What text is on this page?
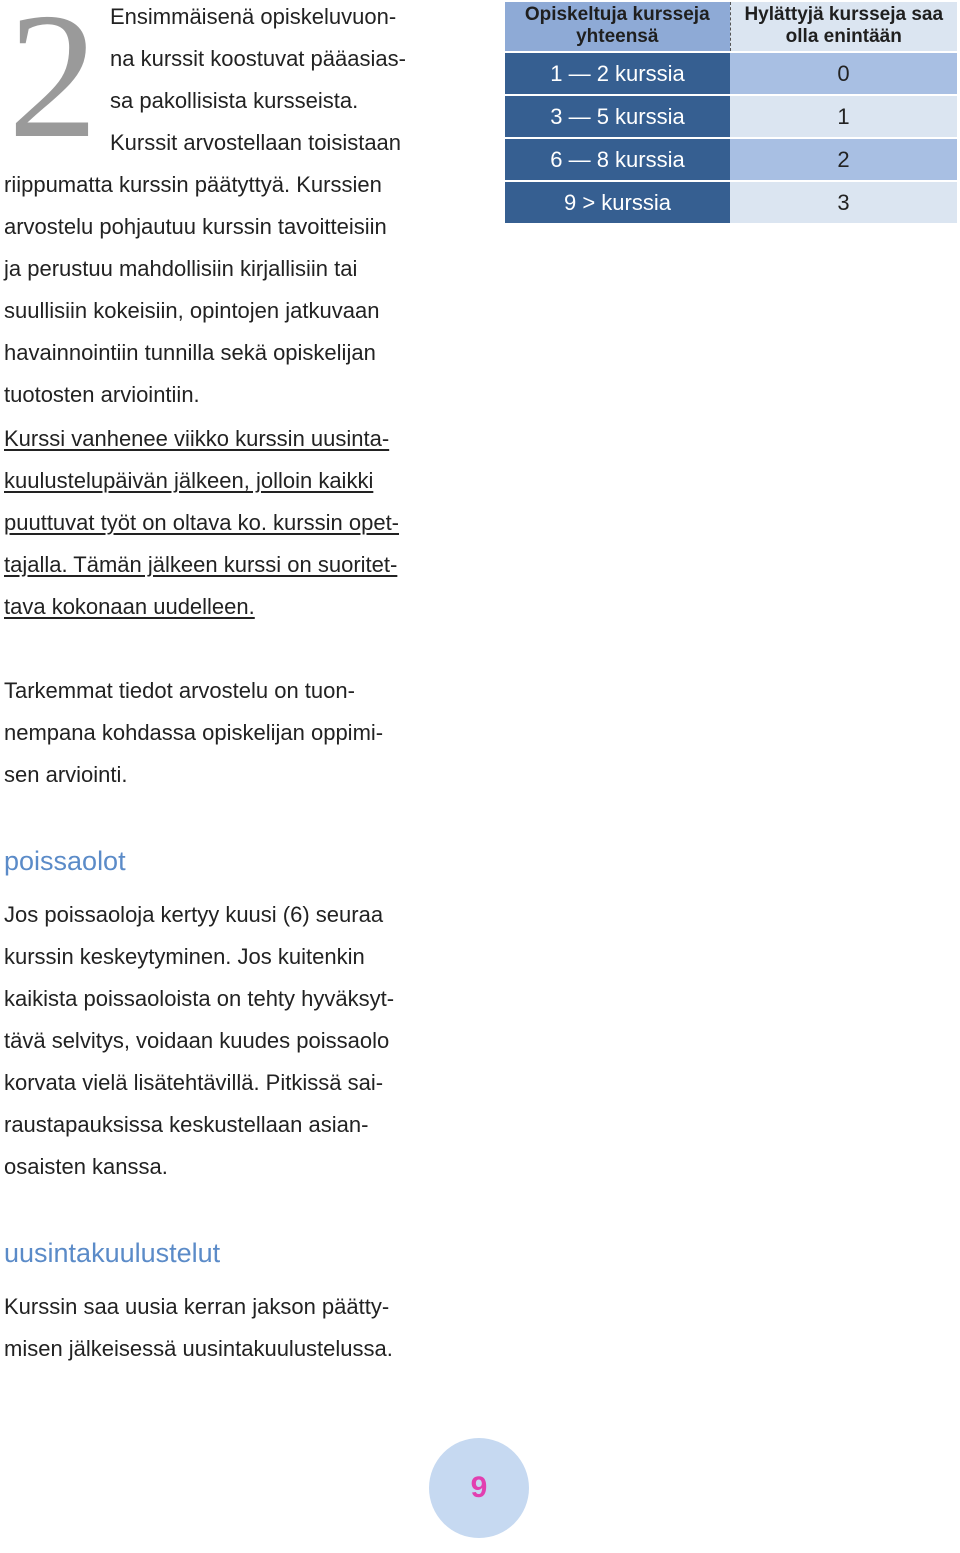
2 Ensimmäisenä opiskeluvuon-
na kurssit koostuvat pääasias-
sa pakollisista kursseista.
Kurssit arvostellaan toisistaan
riippumatta kurssin päätyttyä. Kurssien
arvostelu pohjautuu kurssin tavoitteisiin
ja perustuu mahdollisiin kirjallisiin tai
suullisiin kokeisiin, opintojen jatkuvaan
havainnointiin tunnilla sekä opiskelijan
tuotosten arviointiin.
Kurssi vanhenee viikko kurssin uusinta-
kuulustelupäivän jälkeen, jolloin kaikki
puuttuvat työt on oltava ko. kurssin opet-
tajalla. Tämän jälkeen kurssi on suoritet-
tava kokonaan uudelleen.
Tarkemmat tiedot arvostelu on tuon-
nempana kohdassa opiskelijan oppimi-
sen arviointi.
poissaolot
Jos poissaoloja kertyy kuusi (6) seuraa
kurssin keskeytyminen. Jos kuitenkin
kaikista poissaoloista on tehty hyväksyt-
tävä selvitys, voidaan kuudes poissaolo
korvata vielä lisätehtävillä. Pitkissä sai-
raustapauksissa keskustellaan asian-
osaisten kanssa.
uusintakuulustelut
Kurssin saa uusia kerran jakson päätty-
misen jälkeisessä uusintakuulustelussa.
Opiskeltuja kursseja yhteensä	Hylättyjä kursseja saa olla enintään
1 — 2 kurssia	0
3 — 5 kurssia	1
6 — 8 kurssia	2
9 > kurssia	3
9
